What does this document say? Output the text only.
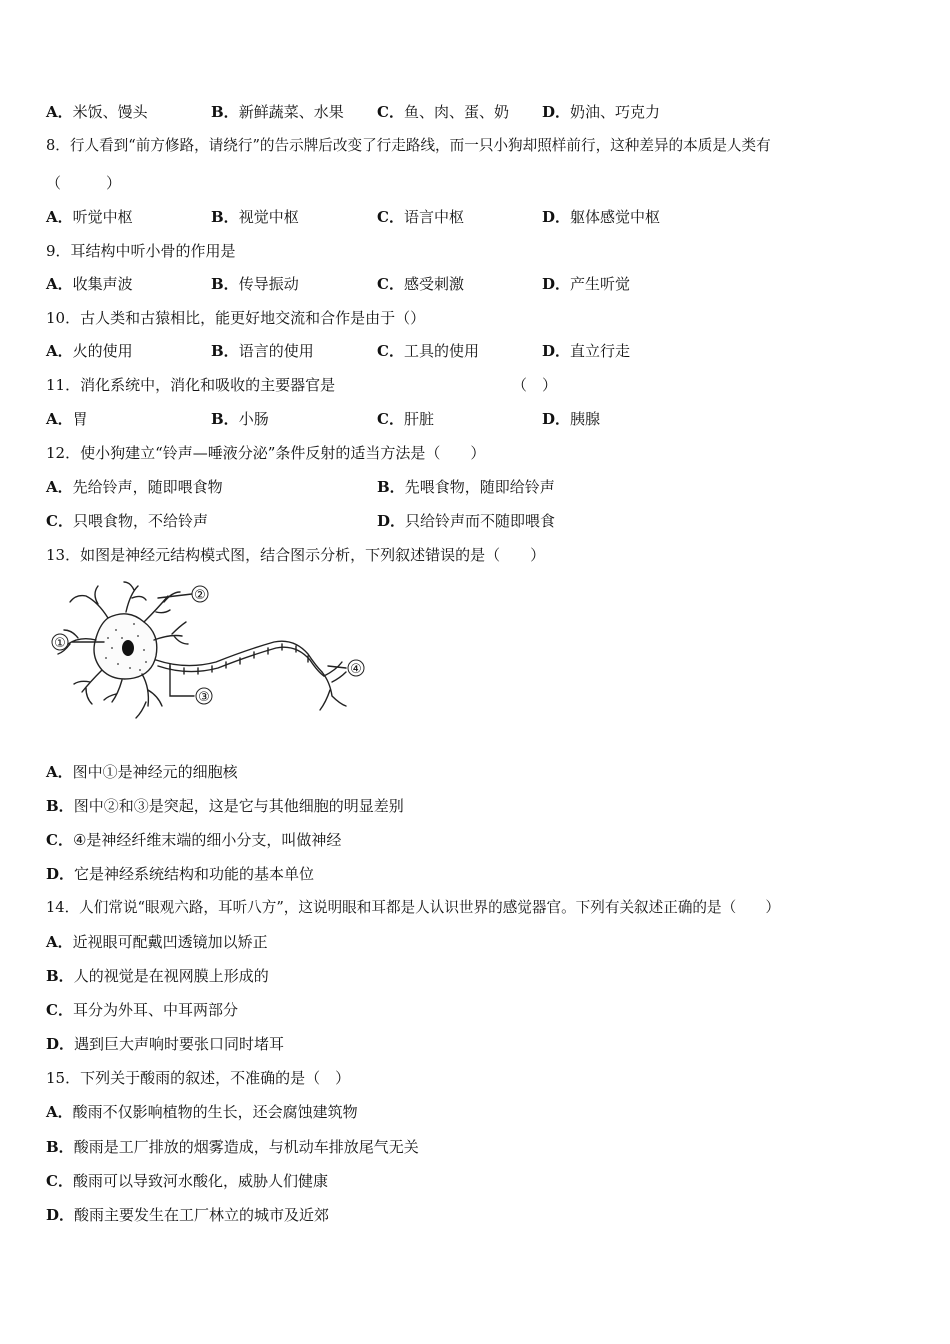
A．米饭、馒头	B．新鲜蔬菜、水果 C．鱼、肉、蛋、奶 D．奶油、巧克力
8．行人看到“前方修路，请绕行”的告示牌后改变了行走路线，而一只小狗却照样前行，这种差异的本质是人类有
（　　　）
A．听觉中枢	B．视觉中枢	C．语言中枢	D．躯体感觉中枢
9．耳结构中听小骨的作用是
A．收集声波	B．传导振动	C．感受刺激	D．产生听觉
10．古人类和古猿相比，能更好地交流和合作是由于（）
A．火的使用	B．语言的使用	C．工具的使用	D．直立行走
11．消化系统中，消化和吸收的主要器官是	（　）
A．胃	B．小肠	C．肝脏	D．胰腺
12．使小狗建立“铃声—唾液分泌”条件反射的适当方法是（　　）
A．先给铃声，随即喂食物	B．先喂食物，随即给铃声
C．只喂食物，不给铃声	D．只给铃声而不随即喂食
13．如图是神经元结构模式图，结合图示分析，下列叙述错误的是（　　）
①
②
③
④
A．图中①是神经元的细胞核
B．图中②和③是突起，这是它与其他细胞的明显差别
C．④是神经纤维末端的细小分支，叫做神经
D．它是神经系统结构和功能的基本单位
14．人们常说“眼观六路，耳听八方”，这说明眼和耳都是人认识世界的感觉器官。下列有关叙述正确的是（　　）
A．近视眼可配戴凹透镜加以矫正
B．人的视觉是在视网膜上形成的
C．耳分为外耳、中耳两部分
D．遇到巨大声响时要张口同时堵耳
15．下列关于酸雨的叙述，不准确的是（　）
A．酸雨不仅影响植物的生长，还会腐蚀建筑物
B．酸雨是工厂排放的烟雾造成，与机动车排放尾气无关
C．酸雨可以导致河水酸化，威胁人们健康
D．酸雨主要发生在工厂林立的城市及近郊
